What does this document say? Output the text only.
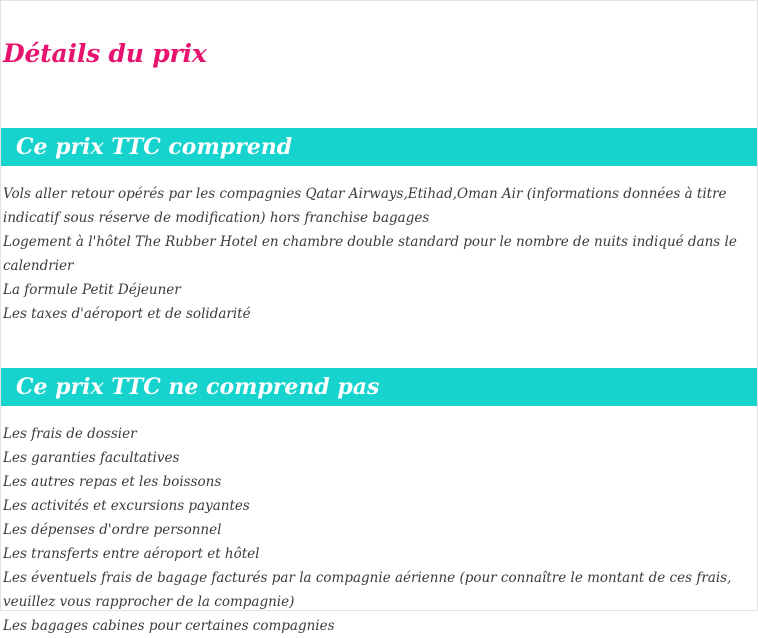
Détails du prix
Ce prix TTC comprend

Vols aller retour opérés par les compagnies Qatar Airways,Etihad,Oman Air (informations données à titre indicatif sous réserve de modification) hors franchise bagages

Logement à l'hôtel The Rubber Hotel en chambre double standard pour le nombre de nuits indiqué dans le calendrier

La formule Petit Déjeuner

Les taxes d'aéroport et de solidarité

Ce prix TTC ne comprend pas

Les frais de dossier

Les garanties facultatives

Les autres repas et les boissons

Les activités et excursions payantes

Les dépenses d'ordre personnel

Les transferts entre aéroport et hôtel

Les éventuels frais de bagage facturés par la compagnie aérienne (pour connaître le montant de ces frais, veuillez vous rapprocher de la compagnie)

Les bagages cabines pour certaines compagnies
